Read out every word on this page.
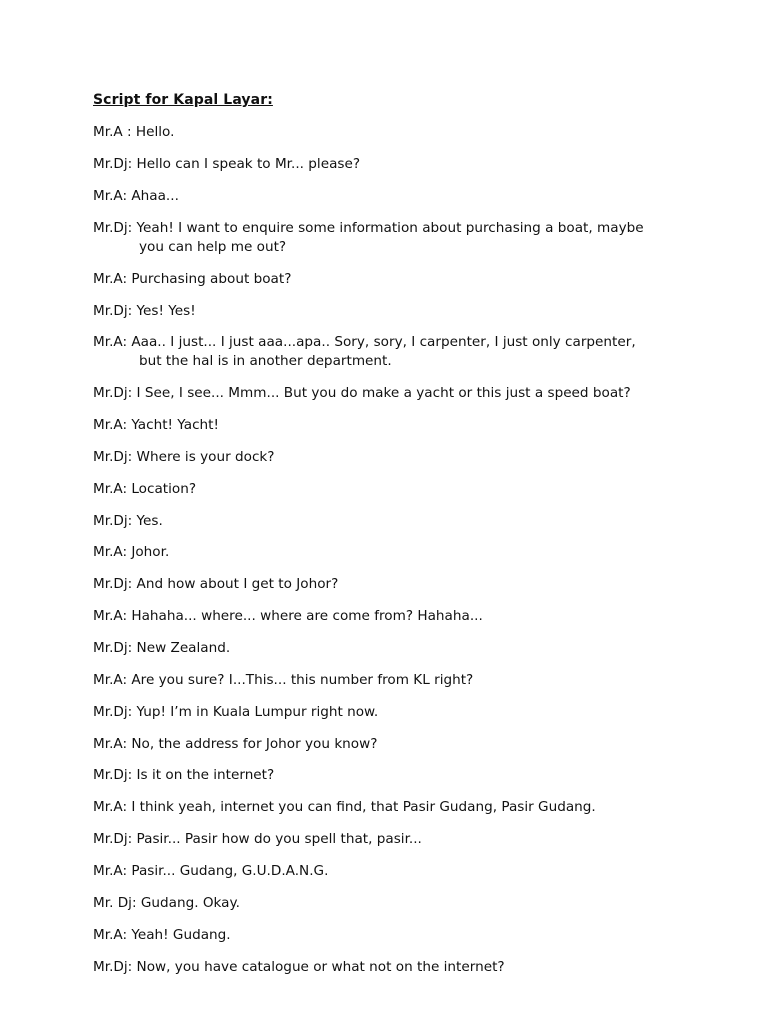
Script for Kapal Layar:
Mr.A : Hello.
Mr.Dj: Hello can I speak to Mr... please?
Mr.A: Ahaa...
Mr.Dj: Yeah! I want to enquire some information about purchasing a boat, maybe
you can help me out?
Mr.A: Purchasing about boat?
Mr.Dj: Yes! Yes!
Mr.A: Aaa.. I just... I just aaa...apa.. Sory, sory, I carpenter, I just only carpenter,
but the hal is in another department.
Mr.Dj: I See, I see... Mmm... But you do make a yacht or this just a speed boat?
Mr.A: Yacht! Yacht!
Mr.Dj: Where is your dock?
Mr.A: Location?
Mr.Dj: Yes.
Mr.A: Johor.
Mr.Dj: And how about I get to Johor?
Mr.A: Hahaha... where... where are come from? Hahaha...
Mr.Dj: New Zealand.
Mr.A: Are you sure? I...This... this number from KL right?
Mr.Dj: Yup! I’m in Kuala Lumpur right now.
Mr.A: No, the address for Johor you know?
Mr.Dj: Is it on the internet?
Mr.A: I think yeah, internet you can find, that Pasir Gudang, Pasir Gudang.
Mr.Dj: Pasir... Pasir how do you spell that, pasir...
Mr.A: Pasir... Gudang, G.U.D.A.N.G.
Mr. Dj: Gudang. Okay.
Mr.A: Yeah! Gudang.
Mr.Dj: Now, you have catalogue or what not on the internet?
